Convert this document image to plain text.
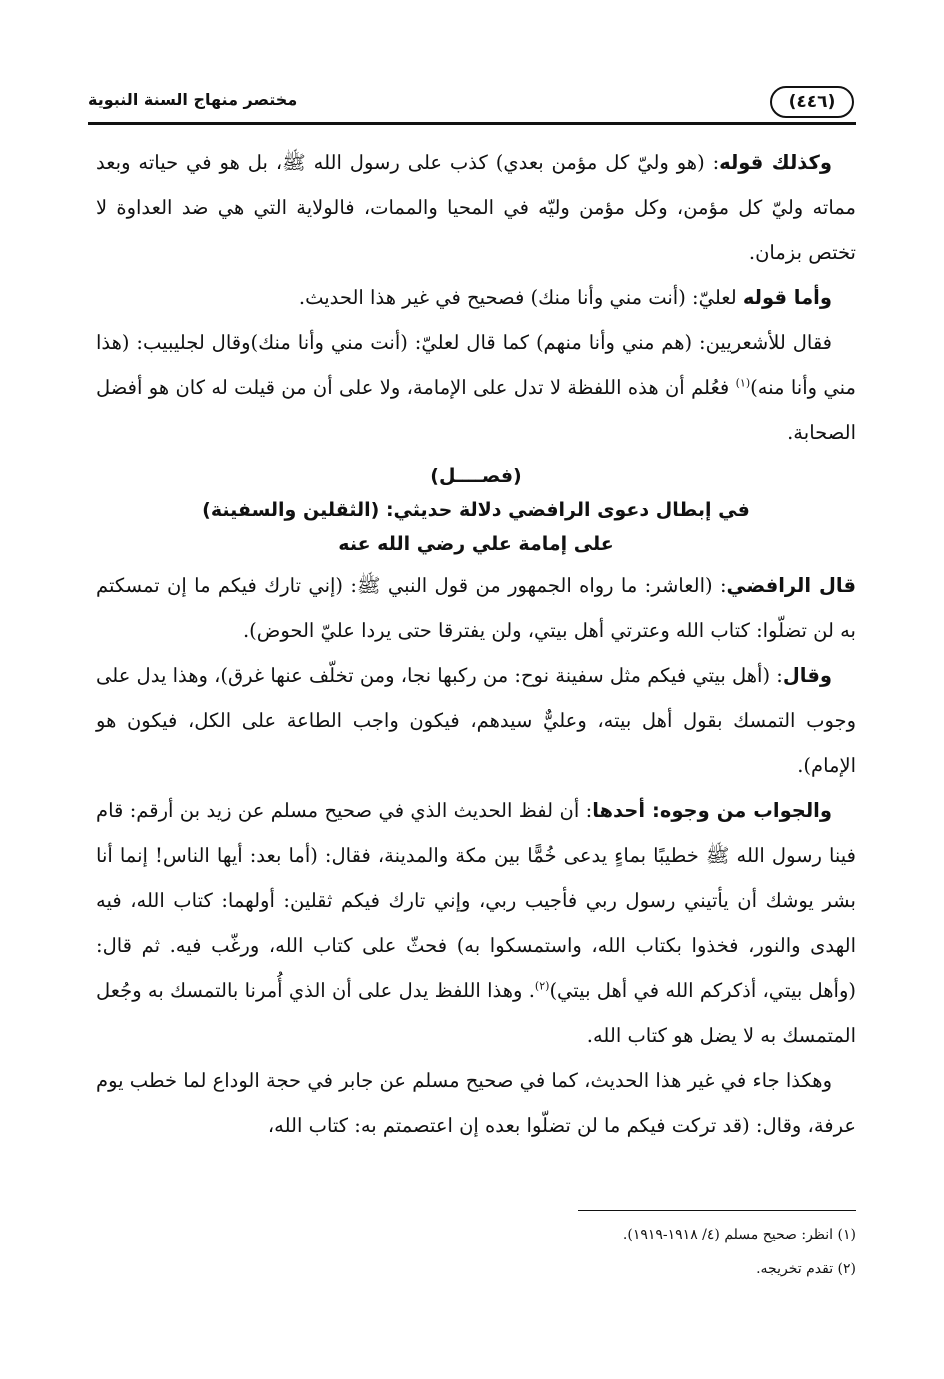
(٤٤٦)
مختصر منهاج السنة النبوية

وكذلك قوله: (هو وليّ كل مؤمن بعدي) كذب على رسول الله ﷺ، بل هو في حياته وبعد مماته وليّ كل مؤمن، وكل مؤمن وليّه في المحيا والممات، فالولاية التي هي ضد العداوة لا تختص بزمان.

وأما قوله لعليّ: (أنت مني وأنا منك) فصحيح في غير هذا الحديث.

فقال للأشعريين: (هم مني وأنا منهم) كما قال لعليّ: (أنت مني وأنا منك)وقال لجليبيب: (هذا مني وأنا منه)$^{(١)}$ فعُلم أن هذه اللفظة لا تدل على الإمامة، ولا على أن من قيلت له كان هو أفضل الصحابة.

(فصــــل)
في إبطال دعوى الرافضي دلالة حديثي: (الثقلين والسفينة)
على إمامة علي رضي الله عنه

قال الرافضي: (العاشر: ما رواه الجمهور من قول النبي ﷺ: (إني تارك فيكم ما إن تمسكتم به لن تضلّوا: كتاب الله وعترتي أهل بيتي، ولن يفترقا حتى يردا عليّ الحوض).

وقال: (أهل بيتي فيكم مثل سفينة نوح: من ركبها نجا، ومن تخلّف عنها غرق)، وهذا يدل على وجوب التمسك بقول أهل بيته، وعليٌّ سيدهم، فيكون واجب الطاعة على الكل، فيكون هو الإمام).

والجواب من وجوه: أحدها: أن لفظ الحديث الذي في صحيح مسلم عن زيد بن أرقم: قام فينا رسول الله ﷺ خطيبًا بماءٍ يدعى خُمًّا بين مكة والمدينة، فقال: (أما بعد: أيها الناس! إنما أنا بشر يوشك أن يأتيني رسول ربي فأجيب ربي، وإني تارك فيكم ثقلين: أولهما: كتاب الله، فيه الهدى والنور، فخذوا بكتاب الله، واستمسكوا به) فحثّ على كتاب الله، ورغّب فيه. ثم قال: (وأهل بيتي، أذكركم الله في أهل بيتي)$^{(٢)}$. وهذا اللفظ يدل على أن الذي أُمرنا بالتمسك به وجُعل المتمسك به لا يضل هو كتاب الله.

وهكذا جاء في غير هذا الحديث، كما في صحيح مسلم عن جابر في حجة الوداع لما خطب يوم عرفة، وقال: (قد تركت فيكم ما لن تضلّوا بعده إن اعتصمتم به: كتاب الله،

(١) انظر: صحيح مسلم (٤/ ١٩١٨-١٩١٩).
(٢) تقدم تخريجه.
